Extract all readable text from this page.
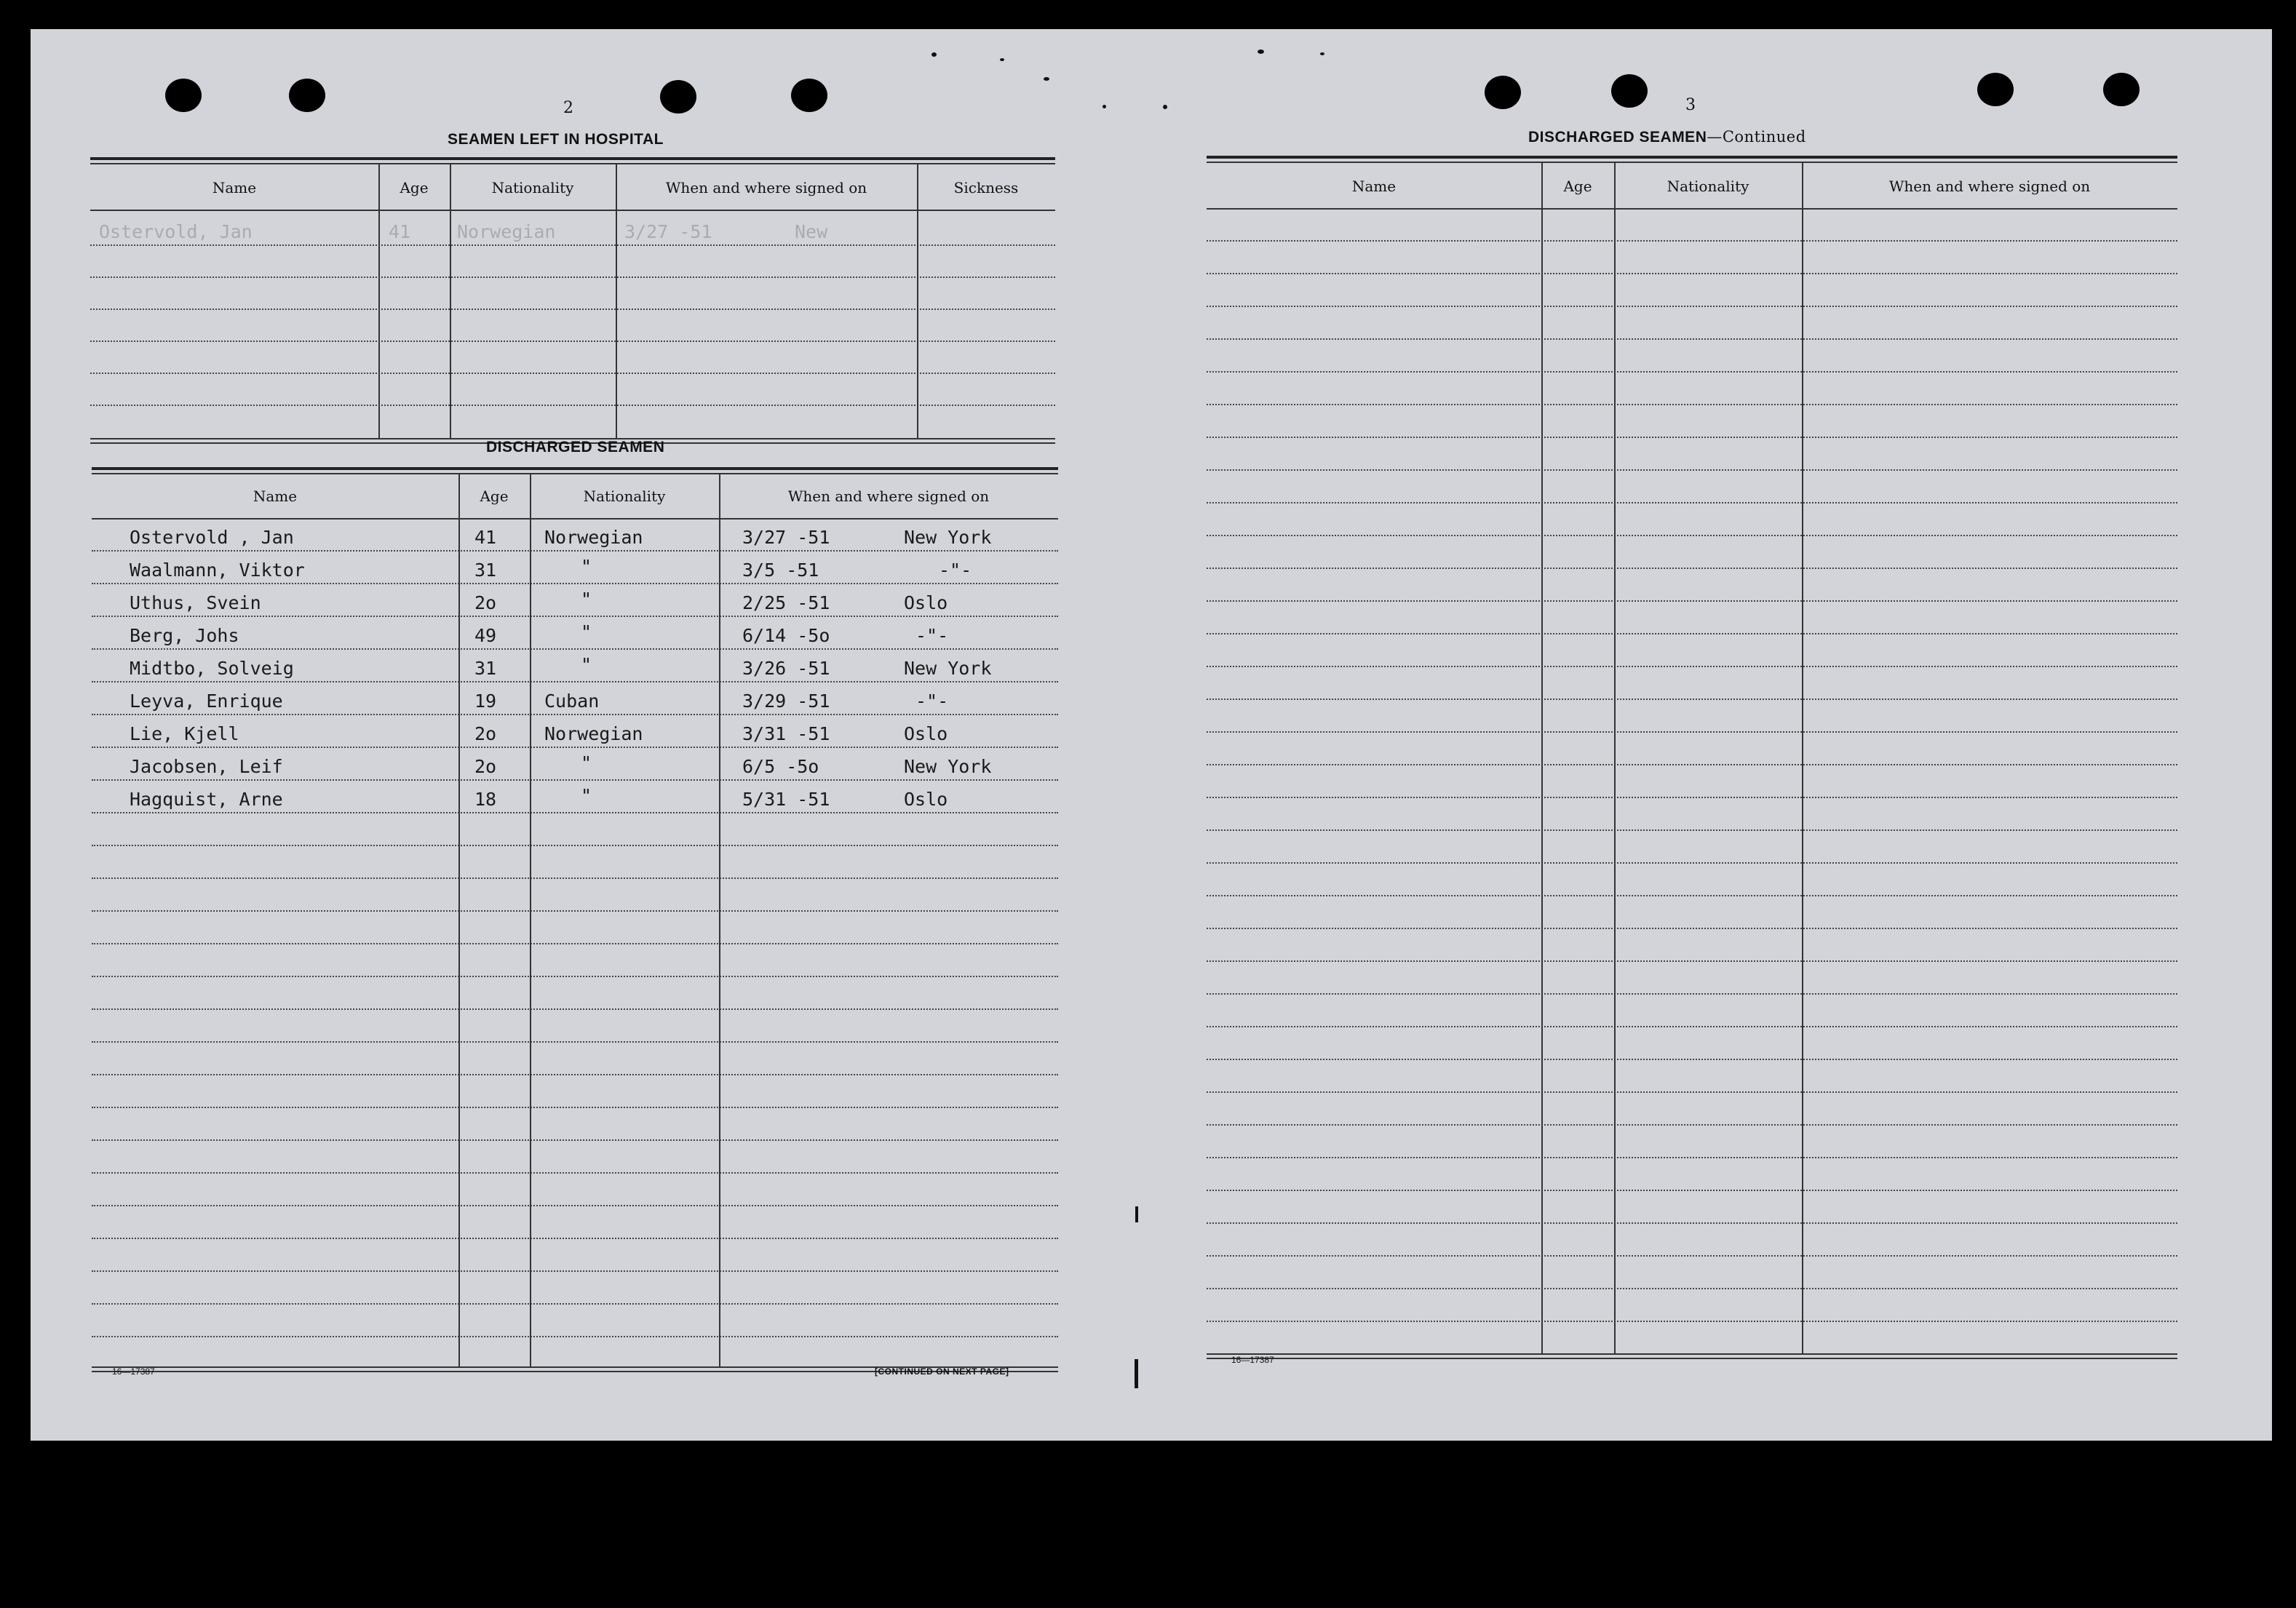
2
SEAMEN LEFT IN HOSPITAL
Name	Age	Nationality	When and where signed on	Sickness
Ostervold, Jan	41	Norwegian	3/27 -51	New
DISCHARGED SEAMEN
Name	Age	Nationality	When and where signed on
Ostervold , Jan	41	Norwegian	3/27 -51	New York
Waalmann, Viktor	31	"	3/5 -51	-"-
Uthus, Svein	2o	"	2/25 -51	Oslo
Berg, Johs	49	"	6/14 -5o	-"-
Midtbo, Solveig	31	"	3/26 -51	New York
Leyva, Enrique	19	Cuban	3/29 -51	-"-
Lie, Kjell	2o	Norwegian	3/31 -51	Oslo
Jacobsen, Leif	2o	"	6/5 -5o	New York
Hagquist, Arne	18	"	5/31 -51	Oslo
16—17387	[CONTINUED ON NEXT PAGE]
3
DISCHARGED SEAMEN—Continued
Name	Age	Nationality	When and where signed on
16—17387
